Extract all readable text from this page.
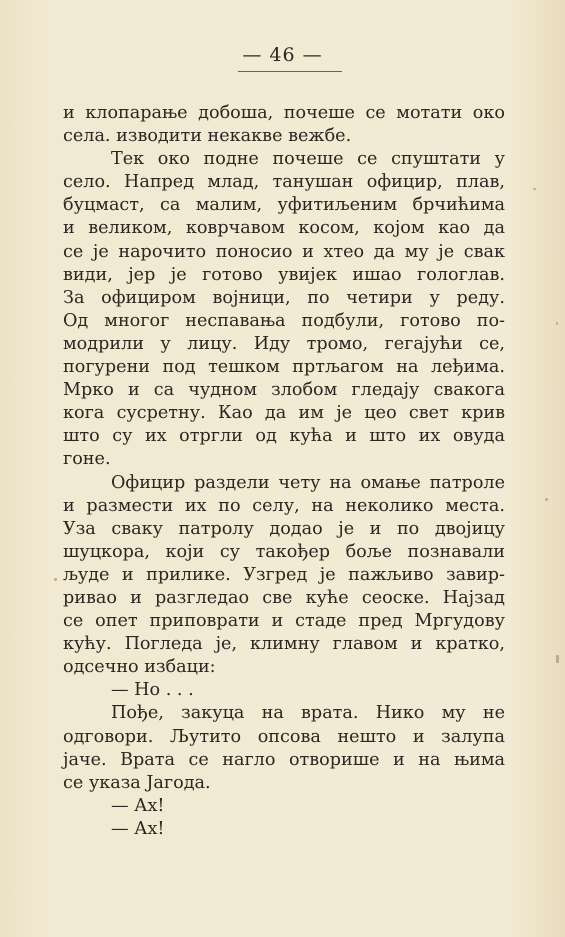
— 46 —
и клопарање добоша, почеше се мотати око
села. изводити некакве вежбе.
Тек око подне почеше се спуштати у
село. Напред млад, танушан официр, плав,
буцмаст, са малим, уфитиљеним брчићима
и великом, коврчавом косом, којом као да
се је нарочито поносио и хтео да му је свак
види, јер је готово увијек ишао гологлав.
За официром војници, по четири у реду.
Од многог неспавања подбули, готово по-
модрили у лицу. Иду тромо, гегајући се,
погурени под тешком пртљагом на леђима.
Мрко и са чудном злобом гледају свакога
кога сусретну. Као да им је цео свет крив
што су их отргли од кућа и што их овуда
гоне.
Официр раздели чету на омање патроле
и размести их по селу, на неколико места.
Уза сваку патролу додао је и по двојицу
шуцкора, који су такођер боље познавали
људе и прилике. Узгред је пажљиво завир-
ривао и разгледао све куће сеоске. Најзад
се опет приповрати и стаде пред Мргудову
кућу. Погледа је, климну главом и кратко,
одсечно избаци:
— Но . . .
Пође, закуца на врата. Нико му не
одговори. Љутито опсова нешто и залупа
јаче. Врата се нагло отворише и на њима
се указа Јагода.
— Ах!
— Ах!
